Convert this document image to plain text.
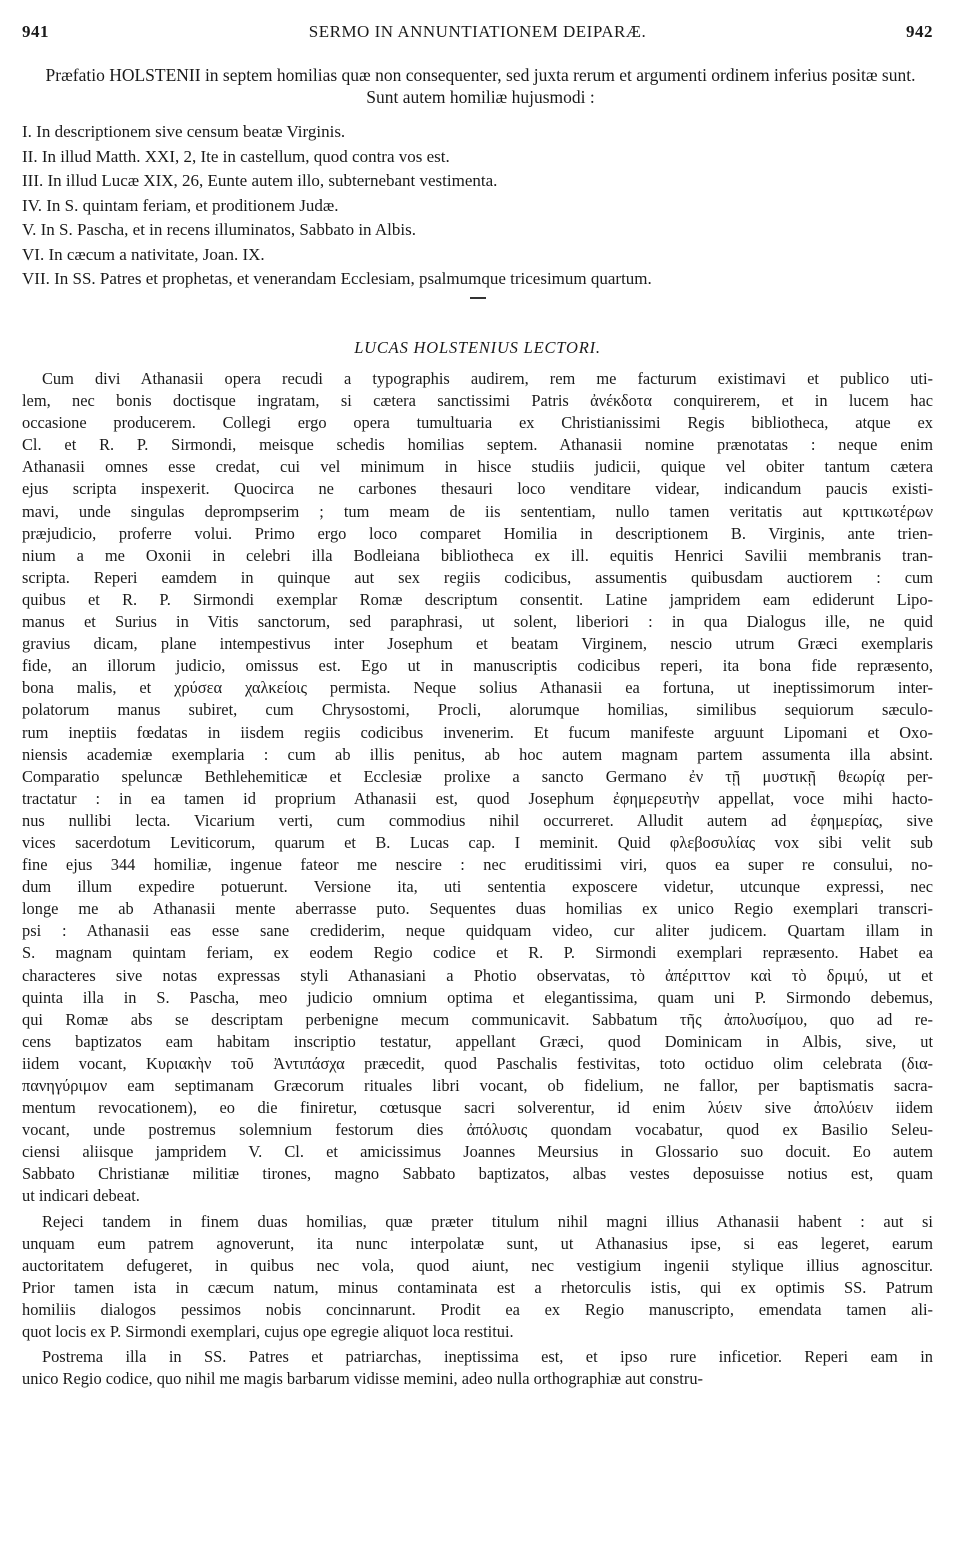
941	SERMO IN ANNUNTIATIONEM DEIPARÆ.	942
Præfatio HOLSTENII in septem homilias quæ non consequenter, sed juxta rerum et argumenti ordinem inferius positæ sunt. Sunt autem homiliæ hujusmodi :
I. In descriptionem sive censum beatæ Virginis.
II. In illud Matth. XXI, 2, Ite in castellum, quod contra vos est.
III. In illud Lucæ XIX, 26, Eunte autem illo, subternebant vestimenta.
IV. In S. quintam feriam, et proditionem Judæ.
V. In S. Pascha, et in recens illuminatos, Sabbato in Albis.
VI. In cæcum a nativitate, Joan. IX.
VII. In SS. Patres et prophetas, et venerandam Ecclesiam, psalmumque tricesimum quartum.
LUCAS HOLSTENIUS LECTORI.
Cum divi Athanasii opera recudi a typographis audirem, rem me facturum existimavi et publico uti-
lem, nec bonis doctisque ingratam, si cætera sanctissimi Patris ἀνέκδοτα conquirerem, et in lucem hac
occasione producerem. Collegi ergo opera tumultuaria ex Christianissimi Regis bibliotheca, atque ex
Cl. et R. P. Sirmondi, meisque schedis homilias septem. Athanasii nomine prænotatas : neque enim
Athanasii omnes esse credat, cui vel minimum in hisce studiis judicii, quique vel obiter tantum cætera
ejus scripta inspexerit. Quocirca ne carbones thesauri loco venditare videar, indicandum paucis existi-
mavi, unde singulas deprompserim ; tum meam de iis sententiam, nullo tamen veritatis aut κριτικωτέρων
præjudicio, proferre volui. Primo ergo loco comparet Homilia in descriptionem B. Virginis, ante trien-
nium a me Oxonii in celebri illa Bodleiana bibliotheca ex ill. equitis Henrici Savilii membranis tran-
scripta. Reperi eamdem in quinque aut sex regiis codicibus, assumentis quibusdam auctiorem : cum
quibus et R. P. Sirmondi exemplar Romæ descriptum consentit. Latine jampridem eam ediderunt Lipo-
manus et Surius in Vitis sanctorum, sed paraphrasi, ut solent, liberiori : in qua Dialogus ille, ne quid
gravius dicam, plane intempestivus inter Josephum et beatam Virginem, nescio utrum Græci exemplaris
fide, an illorum judicio, omissus est. Ego ut in manuscriptis codicibus reperi, ita bona fide repræsento,
bona malis, et χρύσεα χαλκείοις permista. Neque solius Athanasii ea fortuna, ut ineptissimorum inter-
polatorum manus subiret, cum Chrysostomi, Procli, alorumque homilias, similibus sequiorum sæculo-
rum ineptiis fœdatas in iisdem regiis codicibus invenerim. Et fucum manifeste arguunt Lipomani et Oxo-
niensis academiæ exemplaria : cum ab illis penitus, ab hoc autem magnam partem assumenta illa absint.
Comparatio speluncæ Bethlehemiticæ et Ecclesiæ prolixe a sancto Germano ἐν τῇ μυστικῇ θεωρίᾳ per-
tractatur : in ea tamen id proprium Athanasii est, quod Josephum ἐφημερευτὴν appellat, voce mihi hacto-
nus nullibi lecta. Vicarium verti, cum commodius nihil occurreret. Alludit autem ad ἐφημερίας, sive
vices sacerdotum Leviticorum, quarum et B. Lucas cap. I meminit. Quid φλεβοσυλίας vox sibi velit sub
fine ejus 344 homiliæ, ingenue fateor me nescire : nec eruditissimi viri, quos ea super re consului, no-
dum illum expedire potuerunt. Versione ita, uti sententia exposcere videtur, utcunque expressi, nec
longe me ab Athanasii mente aberrasse puto. Sequentes duas homilias ex unico Regio exemplari transcri-
psi : Athanasii eas esse sane crediderim, neque quidquam video, cur aliter judicem. Quartam illam in
S. magnam quintam feriam, ex eodem Regio codice et R. P. Sirmondi exemplari repræsento. Habet ea
characteres sive notas expressas styli Athanasiani a Photio observatas, τὸ ἀπέριττον καὶ τὸ δριμύ, ut et
quinta illa in S. Pascha, meo judicio omnium optima et elegantissima, quam uni P. Sirmondo debemus,
qui Romæ abs se descriptam perbenigne mecum communicavit. Sabbatum τῆς ἀπολυσίμου, quo ad re-
cens baptizatos eam habitam inscriptio testatur, appellant Græci, quod Dominicam in Albis, sive, ut
iidem vocant, Κυριακὴν τοῦ Ἀντιπάσχα præcedit, quod Paschalis festivitas, toto octiduo olim celebrata (δια-
πανηγύριμον eam septimanam Græcorum rituales libri vocant, ob fidelium, ne fallor, per baptismatis sacra-
mentum revocationem), eo die finiretur, cœtusque sacri solverentur, id enim λύειν sive ἀπολύειν iidem
vocant, unde postremus solemnium festorum dies ἀπόλυσις quondam vocabatur, quod ex Basilio Seleu-
ciensi aliisque jampridem V. Cl. et amicissimus Joannes Meursius in Glossario suo docuit. Eo autem
Sabbato Christianæ militiæ tirones, magno Sabbato baptizatos, albas vestes deposuisse notius est, quam
ut indicari debeat.
Rejeci tandem in finem duas homilias, quæ præter titulum nihil magni illius Athanasii habent : aut si
unquam eum patrem agnoverunt, ita nunc interpolatæ sunt, ut Athanasius ipse, si eas legeret, earum
auctoritatem defugeret, in quibus nec vola, quod aiunt, nec vestigium ingenii stylique illius agnoscitur.
Prior tamen ista in cæcum natum, minus contaminata est a rhetorculis istis, qui ex optimis SS. Patrum
homiliis dialogos pessimos nobis concinnarunt. Prodit ea ex Regio manuscripto, emendata tamen ali-
quot locis ex P. Sirmondi exemplari, cujus ope egregie aliquot loca restitui.
Postrema illa in SS. Patres et patriarchas, ineptissima est, et ipso rure inficetior. Reperi eam in
unico Regio codice, quo nihil me magis barbarum vidisse memini, adeo nulla orthographiæ aut constru-
